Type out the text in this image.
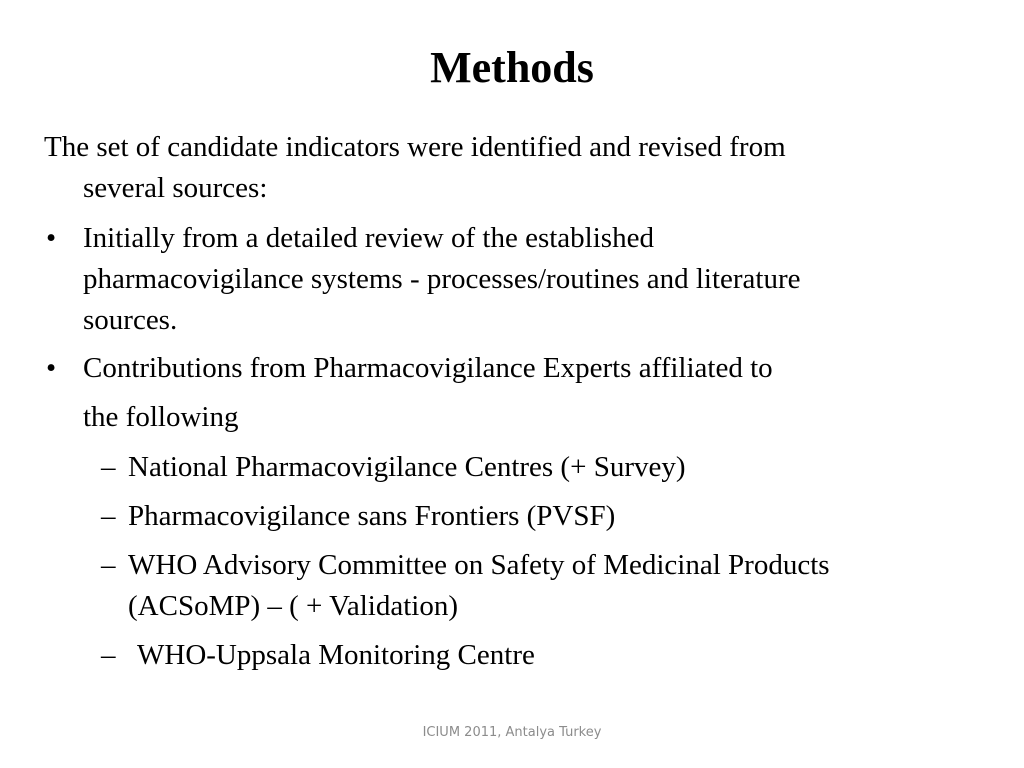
Methods
The set of candidate indicators were identified and revised from
several sources:
• Initially from a detailed review of the established
pharmacovigilance systems - processes/routines and literature
sources.
• Contributions from Pharmacovigilance Experts affiliated to
the following
– National Pharmacovigilance Centres (+ Survey)
– Pharmacovigilance sans Frontiers (PVSF)
– WHO Advisory Committee on Safety of Medicinal Products
(ACSoMP) – ( + Validation)
– WHO-Uppsala Monitoring Centre
ICIUM 2011, Antalya Turkey
